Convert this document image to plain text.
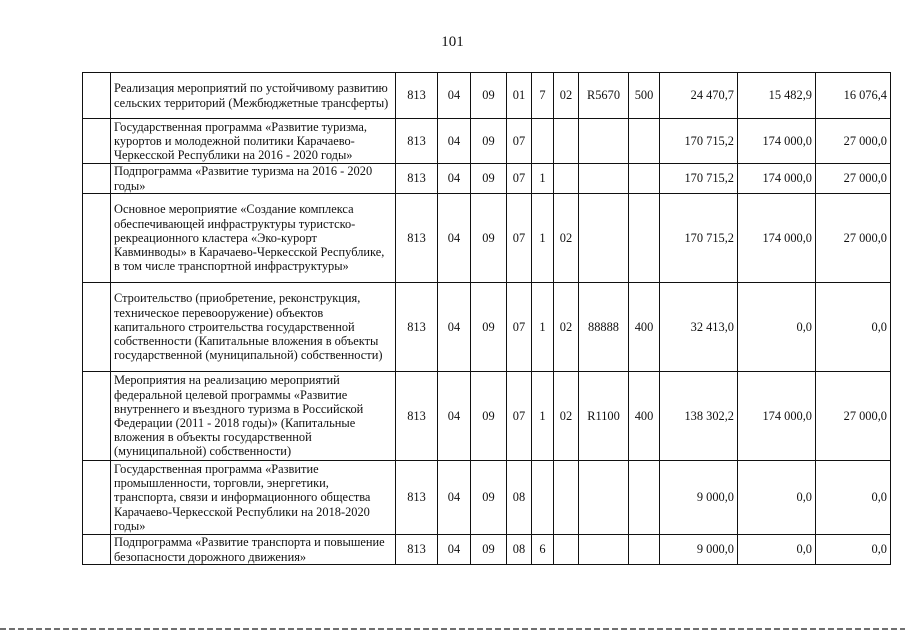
101
	Реализация мероприятий по устойчивому развитию сельских территорий (Межбюджетные трансферты)	813	04	09	01	7	02	R5670	500	24 470,7	15 482,9	16 076,4
	Государственная программа «Развитие туризма, курортов и молодежной политики Карачаево-Черкесской Республики на 2016 - 2020 годы»	813	04	09	07					170 715,2	174 000,0	27 000,0
	Подпрограмма «Развитие туризма на 2016 - 2020 годы»	813	04	09	07	1				170 715,2	174 000,0	27 000,0
	Основное мероприятие «Создание комплекса обеспечивающей инфраструктуры туристско-рекреационного кластера «Эко-курорт Кавминводы» в Карачаево-Черкесской Республике, в том числе транспортной инфраструктуры»	813	04	09	07	1	02			170 715,2	174 000,0	27 000,0
	Строительство (приобретение, реконструкция, техническое перевооружение) объектов капитального строительства государственной собственности (Капитальные вложения в объекты государственной (муниципальной) собственности)	813	04	09	07	1	02	88888	400	32 413,0	0,0	0,0
	Мероприятия на реализацию мероприятий федеральной целевой программы «Развитие внутреннего и въездного туризма в Российской Федерации (2011 - 2018 годы)» (Капитальные вложения в объекты государственной (муниципальной) собственности)	813	04	09	07	1	02	R1100	400	138 302,2	174 000,0	27 000,0
	Государственная программа «Развитие промышленности, торговли, энергетики, транспорта, связи и информационного общества Карачаево-Черкесской Республики на 2018-2020 годы»	813	04	09	08					9 000,0	0,0	0,0
	Подпрограмма «Развитие транспорта и повышение безопасности дорожного движения»	813	04	09	08	6				9 000,0	0,0	0,0
